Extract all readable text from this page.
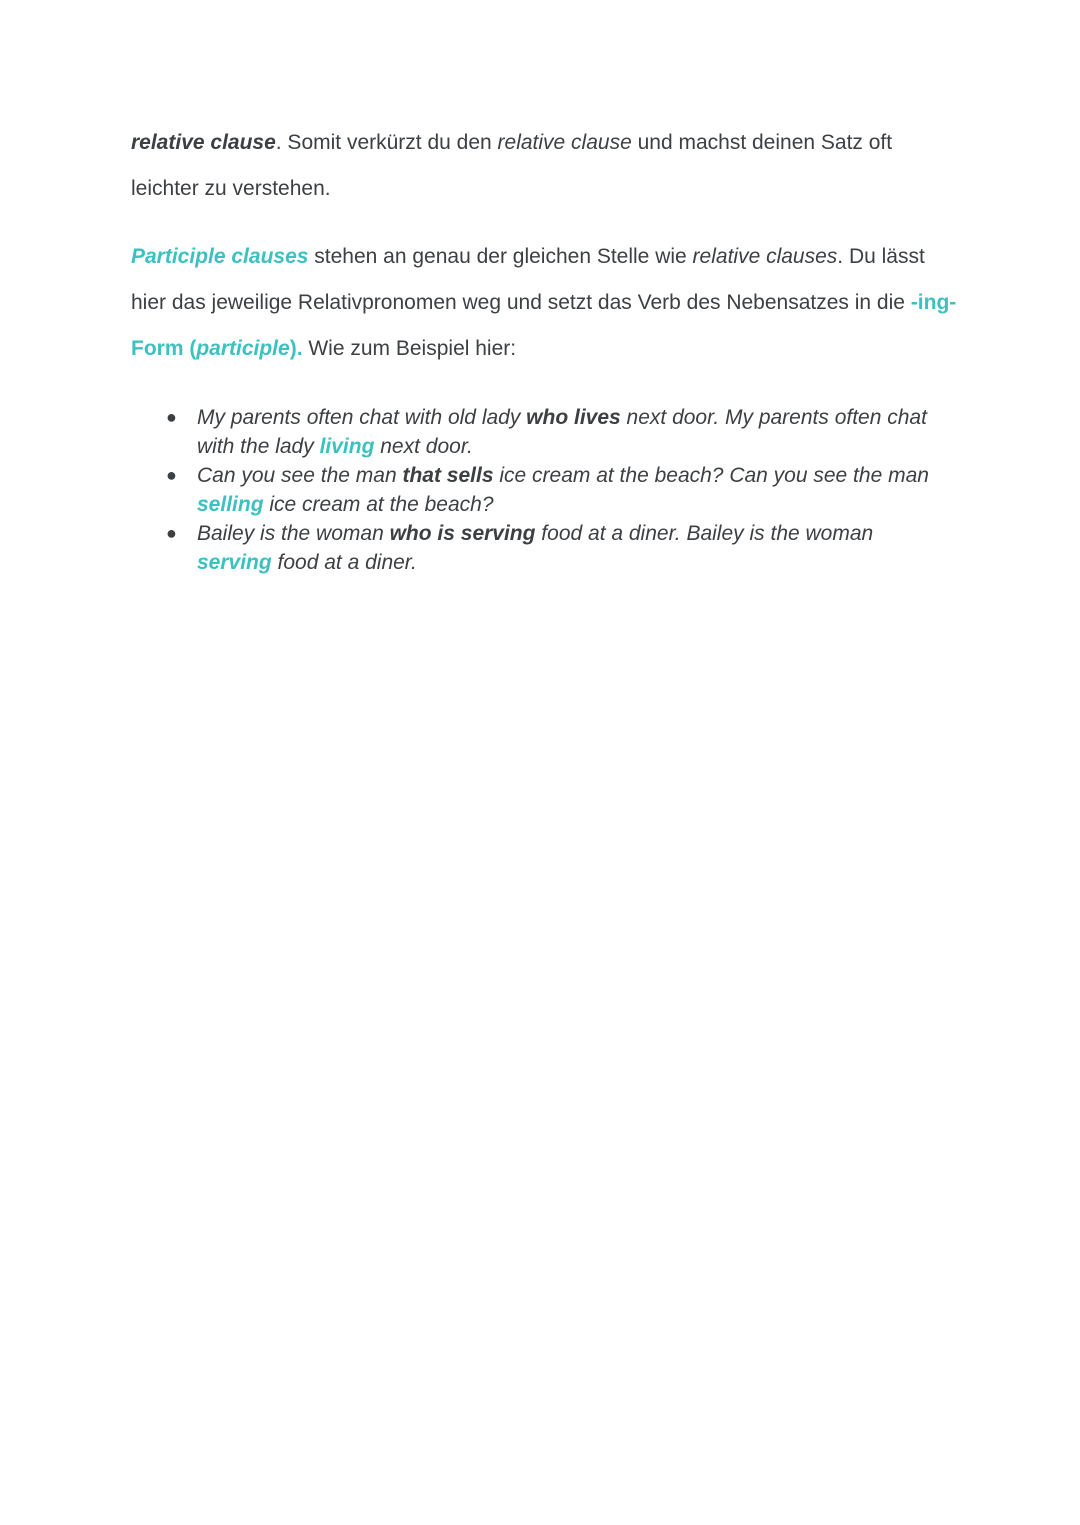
relative clause. Somit verkürzt du den relative clause und machst deinen Satz oft leichter zu verstehen.

Participle clauses stehen an genau der gleichen Stelle wie relative clauses. Du lässt hier das jeweilige Relativpronomen weg und setzt das Verb des Nebensatzes in die -ing-Form (participle). Wie zum Beispiel hier:

● My parents often chat with old lady who lives next door. My parents often chat with the lady living next door.
● Can you see the man that sells ice cream at the beach? Can you see the man selling ice cream at the beach?
● Bailey is the woman who is serving food at a diner. Bailey is the woman serving food at a diner.
